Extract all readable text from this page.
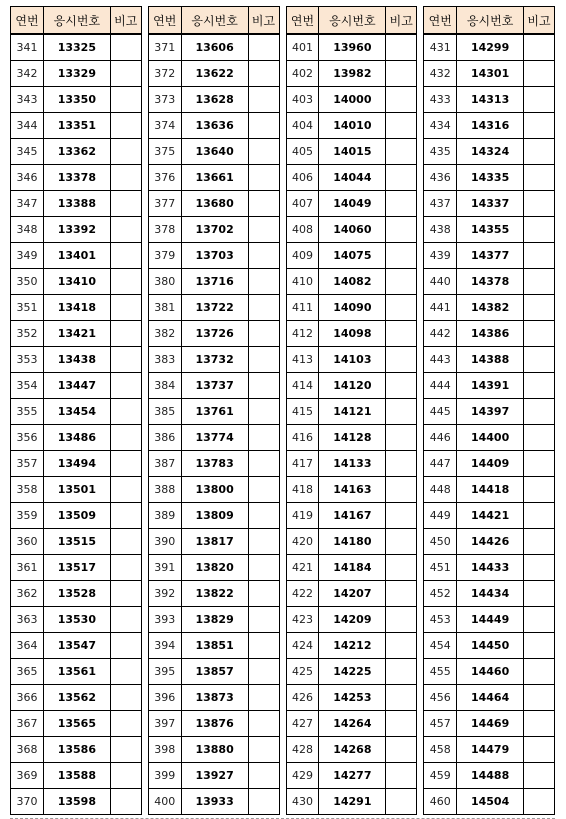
연번	응시번호	비고
341	13325	
342	13329	
343	13350	
344	13351	
345	13362	
346	13378	
347	13388	
348	13392	
349	13401	
350	13410	
351	13418	
352	13421	
353	13438	
354	13447	
355	13454	
356	13486	
357	13494	
358	13501	
359	13509	
360	13515	
361	13517	
362	13528	
363	13530	
364	13547	
365	13561	
366	13562	
367	13565	
368	13586	
369	13588	
370	13598	
연번	응시번호	비고
371	13606	
372	13622	
373	13628	
374	13636	
375	13640	
376	13661	
377	13680	
378	13702	
379	13703	
380	13716	
381	13722	
382	13726	
383	13732	
384	13737	
385	13761	
386	13774	
387	13783	
388	13800	
389	13809	
390	13817	
391	13820	
392	13822	
393	13829	
394	13851	
395	13857	
396	13873	
397	13876	
398	13880	
399	13927	
400	13933	
연번	응시번호	비고
401	13960	
402	13982	
403	14000	
404	14010	
405	14015	
406	14044	
407	14049	
408	14060	
409	14075	
410	14082	
411	14090	
412	14098	
413	14103	
414	14120	
415	14121	
416	14128	
417	14133	
418	14163	
419	14167	
420	14180	
421	14184	
422	14207	
423	14209	
424	14212	
425	14225	
426	14253	
427	14264	
428	14268	
429	14277	
430	14291	
연번	응시번호	비고
431	14299	
432	14301	
433	14313	
434	14316	
435	14324	
436	14335	
437	14337	
438	14355	
439	14377	
440	14378	
441	14382	
442	14386	
443	14388	
444	14391	
445	14397	
446	14400	
447	14409	
448	14418	
449	14421	
450	14426	
451	14433	
452	14434	
453	14449	
454	14450	
455	14460	
456	14464	
457	14469	
458	14479	
459	14488	
460	14504	
